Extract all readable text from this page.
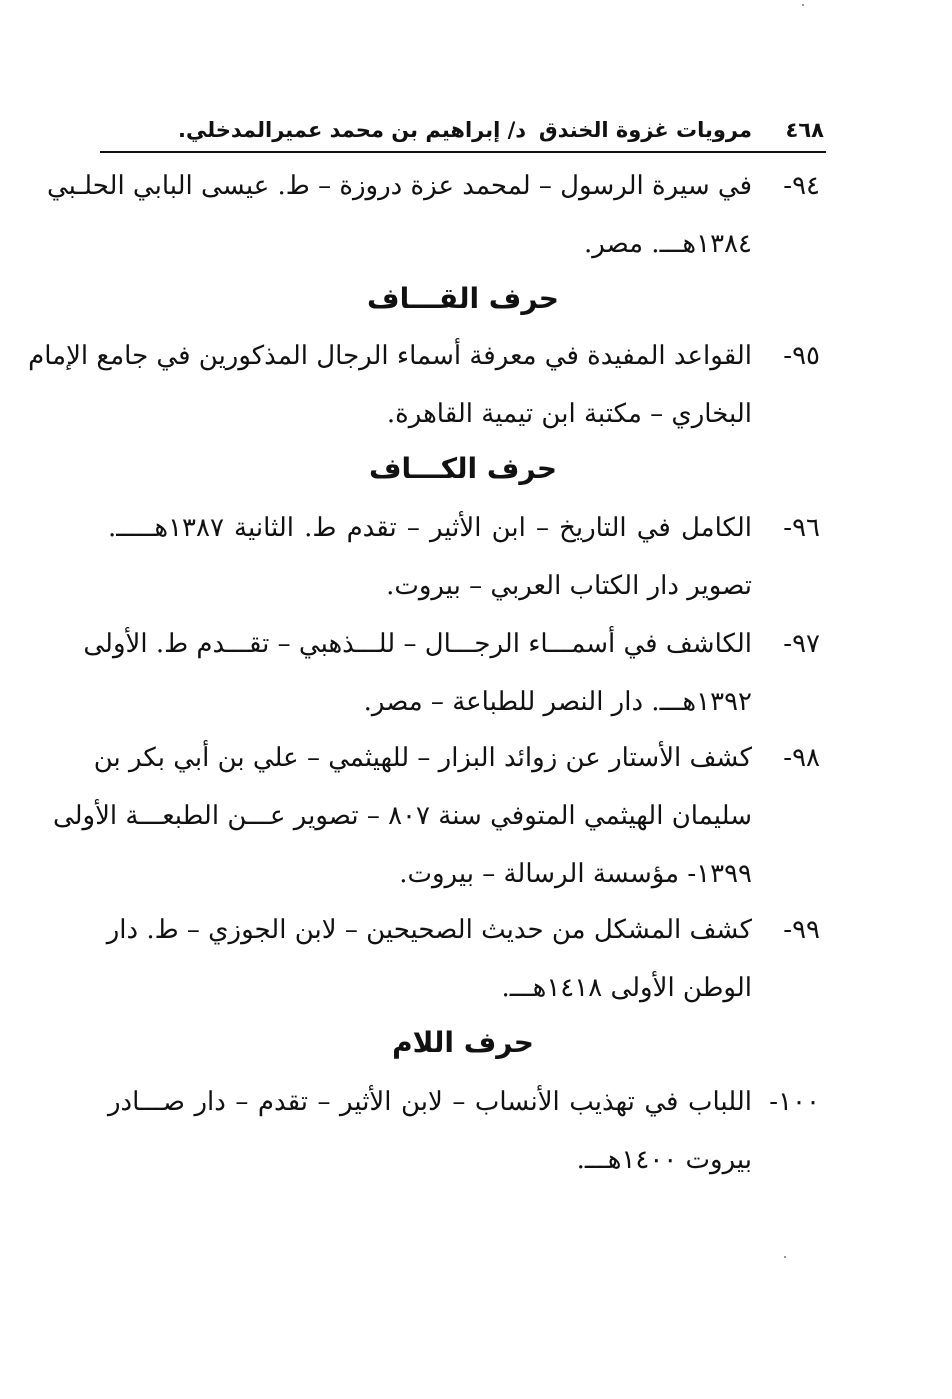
٤٦٨
مرويات غزوة الخندق
د/ إبراهيم بن محمد عميرالمدخلي.
٩٤-
في سيرة الرسول – لمحمد عزة دروزة – ط. عيسى البابي الحلـبي
١٣٨٤هـــ. مصر.
حرف القـــاف
٩٥-
القواعد المفيدة في معرفة أسماء الرجال المذكورين في جامع الإمام
البخاري – مكتبة ابن تيمية القاهرة.
حرف الكـــاف
٩٦-
الكامل في التاريخ – ابن الأثير – تقدم ط. الثانية ١٣٨٧هـــــ.
تصوير دار الكتاب العربي – بيروت.
٩٧-
الكاشف في أسمـــاء الرجـــال – للـــذهبي – تقـــدم ط. الأولى
١٣٩٢هـــ. دار النصر للطباعة – مصر.
٩٨-
كشف الأستار عن زوائد البزار – للهيثمي – علي بن أبي بكر بن
سليمان الهيثمي المتوفي سنة ٨٠٧ – تصوير عـــن الطبعـــة الأولى
١٣٩٩- مؤسسة الرسالة – بيروت.
٩٩-
كشف المشكل من حديث الصحيحين – لابن الجوزي – ط. دار
الوطن الأولى ١٤١٨هـــ.
حرف اللام
١٠٠-
اللباب في تهذيب الأنساب – لابن الأثير – تقدم – دار صـــادر
بيروت ١٤٠٠هـــ.
